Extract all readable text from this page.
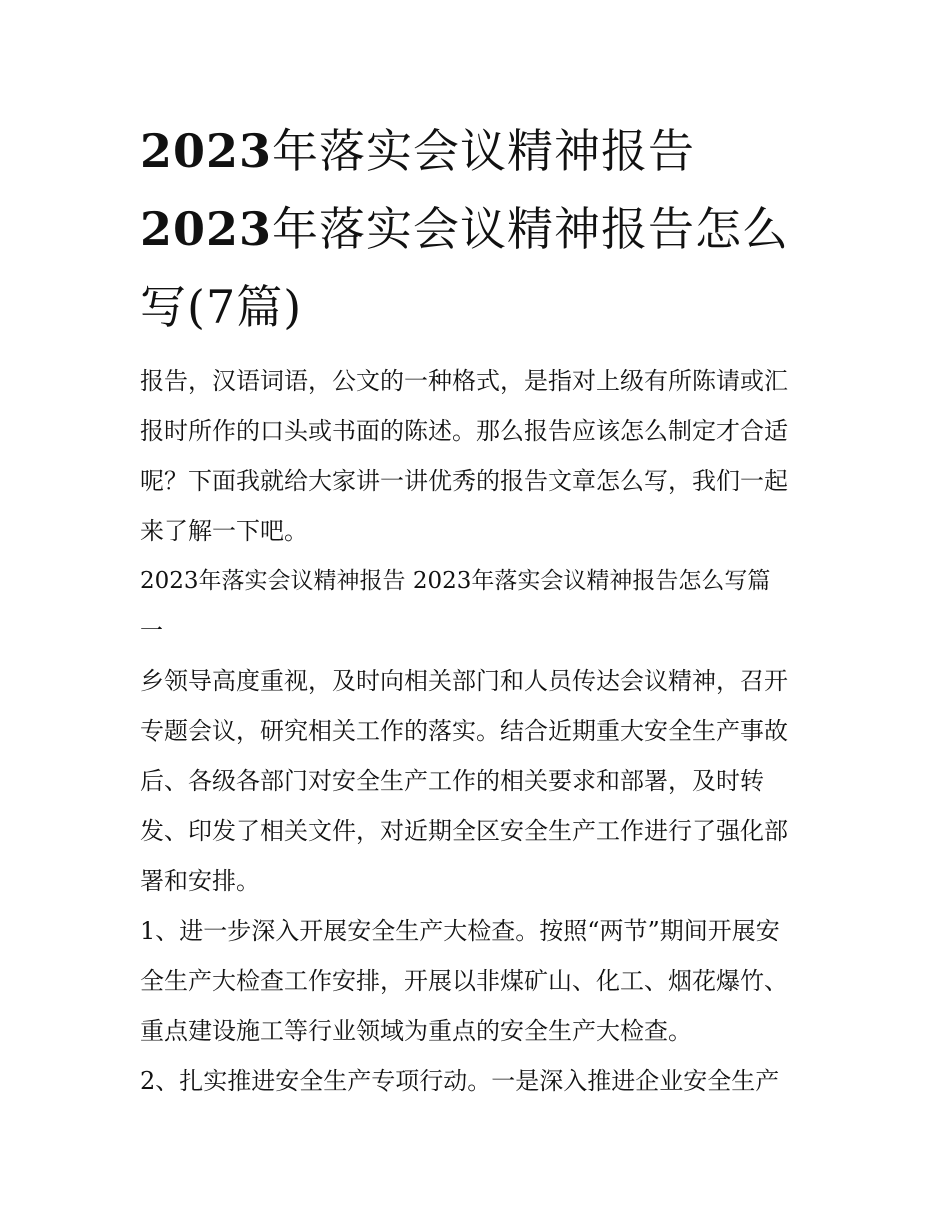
2023年落实会议精神报告
2023年落实会议精神报告怎么
写(7篇)
报告，汉语词语，公文的一种格式，是指对上级有所陈请或汇
报时所作的口头或书面的陈述。那么报告应该怎么制定才合适
呢？下面我就给大家讲一讲优秀的报告文章怎么写，我们一起
来了解一下吧。
2023年落实会议精神报告 2023年落实会议精神报告怎么写篇
一
乡领导高度重视，及时向相关部门和人员传达会议精神，召开
专题会议，研究相关工作的落实。结合近期重大安全生产事故
后、各级各部门对安全生产工作的相关要求和部署，及时转
发、印发了相关文件，对近期全区安全生产工作进行了强化部
署和安排。
1、进一步深入开展安全生产大检查。按照“两节”期间开展安
全生产大检查工作安排，开展以非煤矿山、化工、烟花爆竹、
重点建设施工等行业领域为重点的安全生产大检查。
2、扎实推进安全生产专项行动。一是深入推进企业安全生产
